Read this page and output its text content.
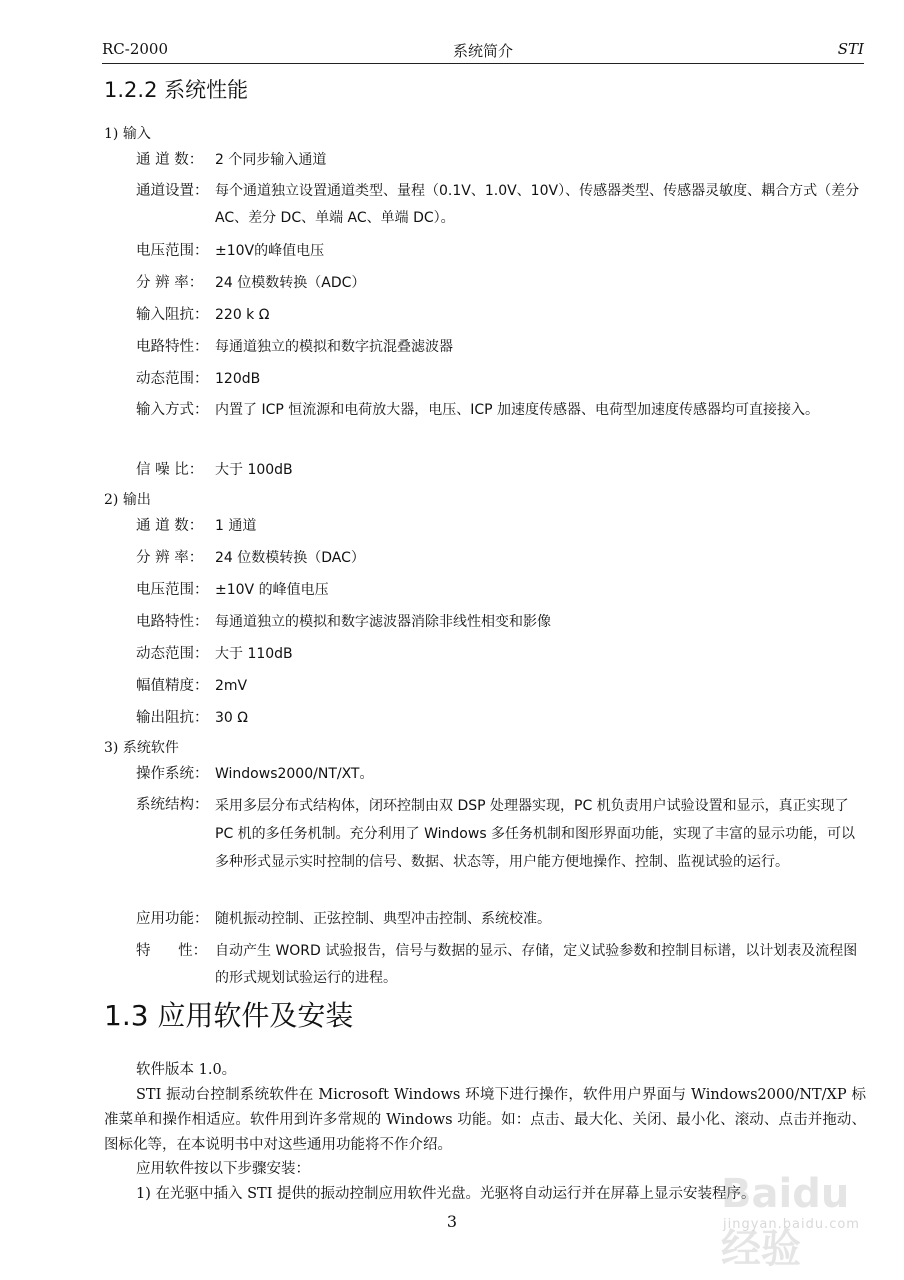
RC-2000	系统简介	STI
1.2.2 系统性能
1) 输入
通 道 数： 2 个同步输入通道
通道设置： 每个通道独立设置通道类型、量程（0.1V、1.0V、10V）、传感器类型、传感器灵敏度、耦合方式（差分 AC、差分 DC、单端 AC、单端 DC）。
电压范围： ±10V的峰值电压
分 辨 率： 24 位模数转换（ADC）
输入阻抗： 220 k Ω
电路特性： 每通道独立的模拟和数字抗混叠滤波器
动态范围： 120dB
输入方式： 内置了 ICP 恒流源和电荷放大器，电压、ICP 加速度传感器、电荷型加速度传感器均可直接接入。
信 噪 比： 大于 100dB
2) 输出
通 道 数： 1 通道
分 辨 率： 24 位数模转换（DAC）
电压范围： ±10V 的峰值电压
电路特性： 每通道独立的模拟和数字滤波器消除非线性相变和影像
动态范围： 大于 110dB
幅值精度： 2mV
输出阻抗： 30 Ω
3) 系统软件
操作系统： Windows2000/NT/XT。
系统结构： 采用多层分布式结构体，闭环控制由双 DSP 处理器实现，PC 机负责用户试验设置和显示，真正实现了 PC 机的多任务机制。充分利用了 Windows 多任务机制和图形界面功能，实现了丰富的显示功能，可以多种形式显示实时控制的信号、数据、状态等，用户能方便地操作、控制、监视试验的运行。
应用功能： 随机振动控制、正弦控制、典型冲击控制、系统校准。
特      性： 自动产生 WORD 试验报告，信号与数据的显示、存储，定义试验参数和控制目标谱，以计划表及流程图的形式规划试验运行的进程。
1.3 应用软件及安装
软件版本 1.0。
STI 振动台控制系统软件在 Microsoft Windows 环境下进行操作，软件用户界面与 Windows2000/NT/XP 标准菜单和操作相适应。软件用到许多常规的 Windows 功能。如：点击、最大化、关闭、最小化、滚动、点击并拖动、图标化等，在本说明书中对这些通用功能将不作介绍。
应用软件按以下步骤安装：
1) 在光驱中插入 STI 提供的振动控制应用软件光盘。光驱将自动运行并在屏幕上显示安装程序。
3
Baidu 经验
jingyan.baidu.com
